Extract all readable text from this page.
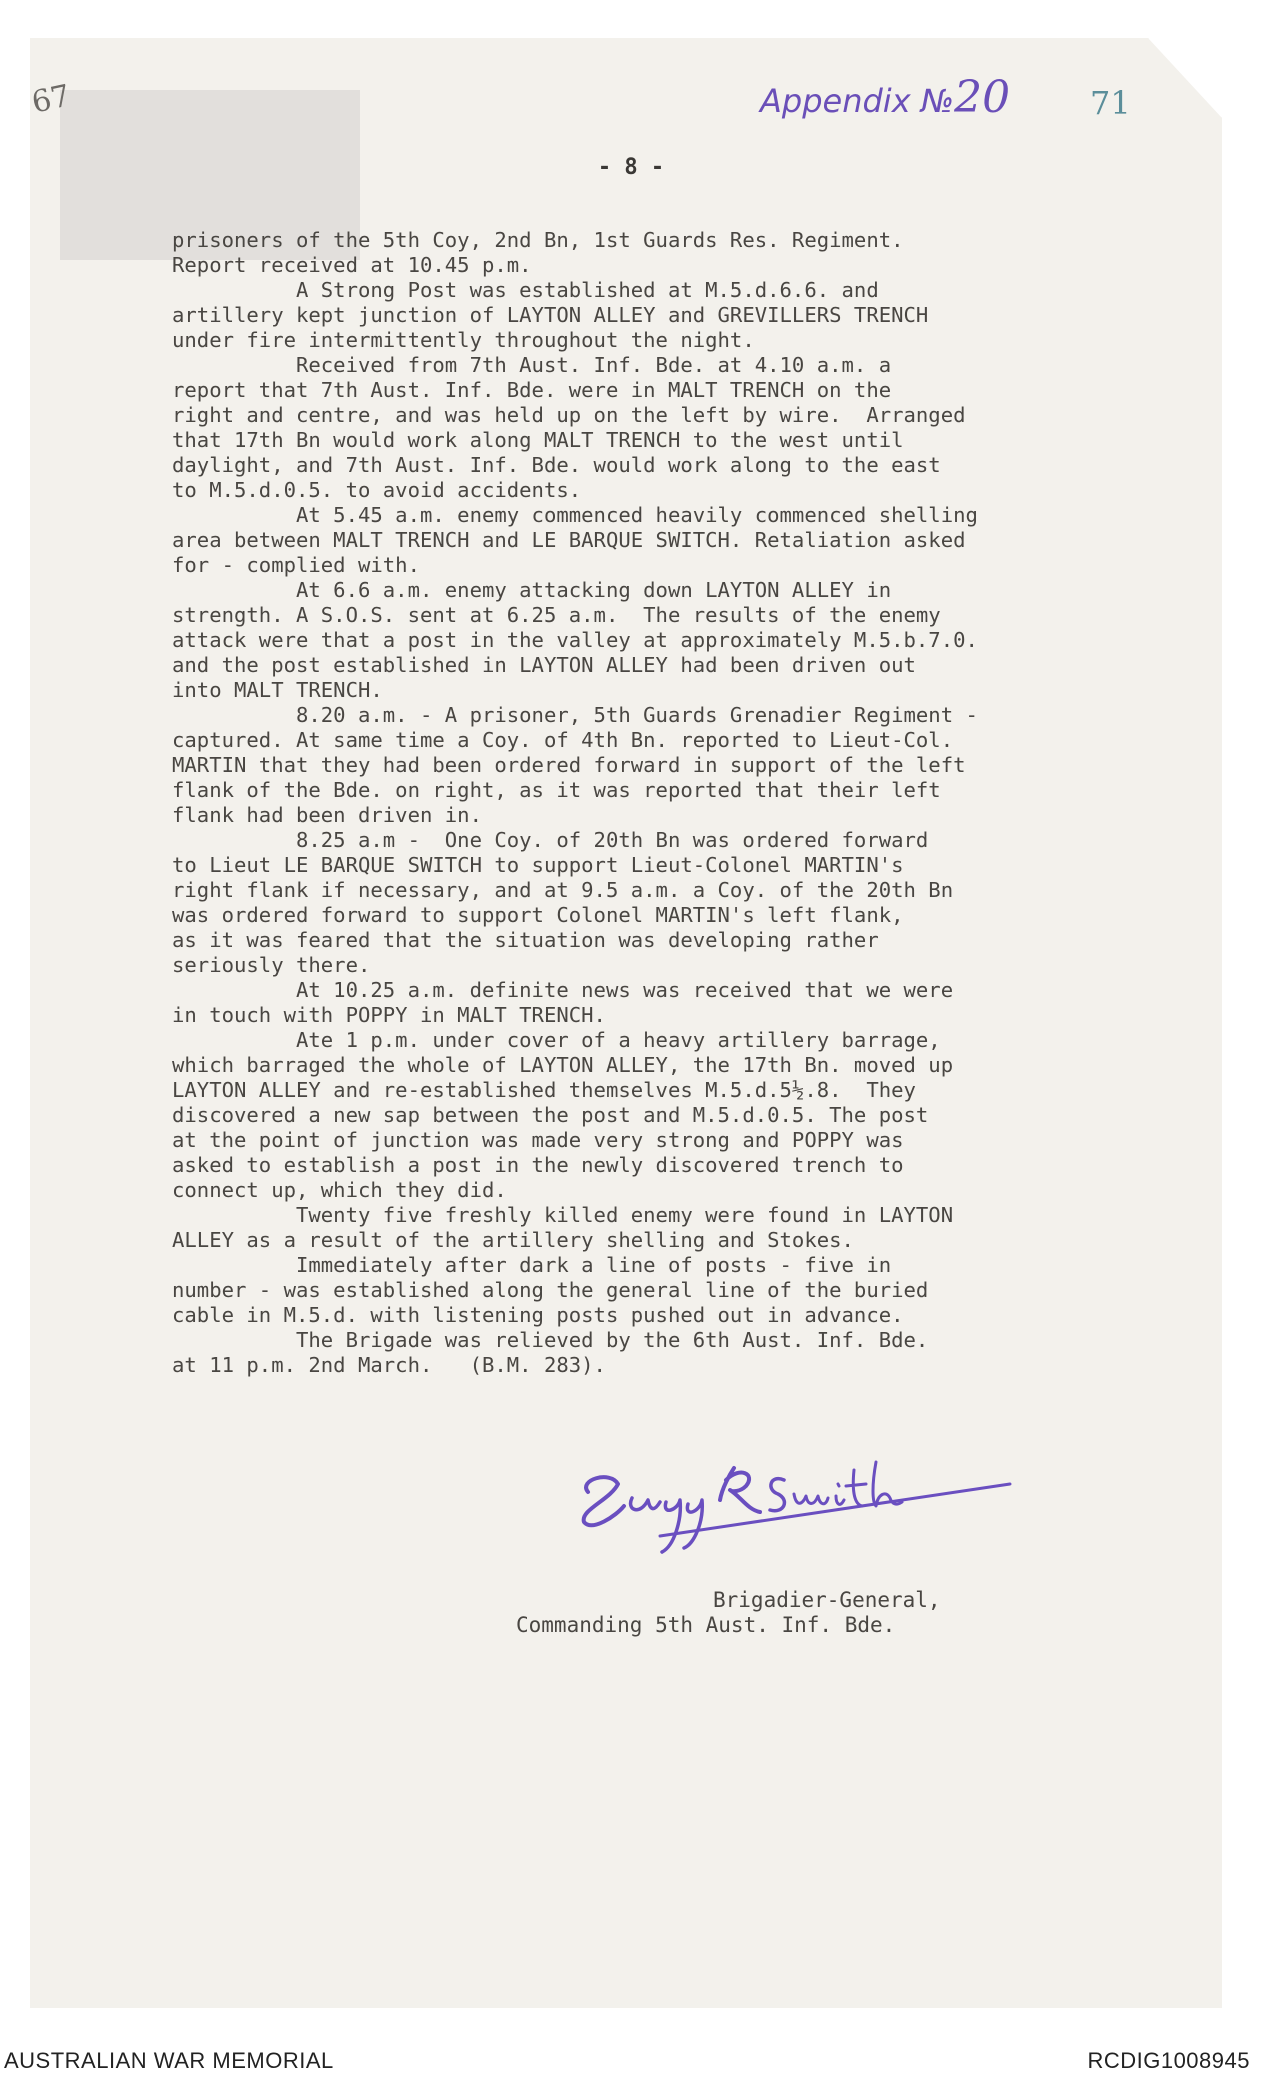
67	Appendix №20 71
- 8 -
prisoners of the 5th Coy, 2nd Bn, 1st Guards Res. Regiment.
Report received at 10.45 p.m.
A Strong Post was established at M.5.d.6.6. and
artillery kept junction of LAYTON ALLEY and GREVILLERS TRENCH
under fire intermittently throughout the night.
Received from 7th Aust. Inf. Bde. at 4.10 a.m. a
report that 7th Aust. Inf. Bde. were in MALT TRENCH on the
right and centre, and was held up on the left by wire.  Arranged
that 17th Bn would work along MALT TRENCH to the west until
daylight, and 7th Aust. Inf. Bde. would work along to the east
to M.5.d.0.5. to avoid accidents.
At 5.45 a.m. enemy commenced heavily commenced shelling
area between MALT TRENCH and LE BARQUE SWITCH. Retaliation asked
for - complied with.
At 6.6 a.m. enemy attacking down LAYTON ALLEY in
strength. A S.O.S. sent at 6.25 a.m.  The results of the enemy
attack were that a post in the valley at approximately M.5.b.7.0.
and the post established in LAYTON ALLEY had been driven out
into MALT TRENCH.
8.20 a.m. - A prisoner, 5th Guards Grenadier Regiment -
captured. At same time a Coy. of 4th Bn. reported to Lieut-Col.
MARTIN that they had been ordered forward in support of the left
flank of the Bde. on right, as it was reported that their left
flank had been driven in.
8.25 a.m -  One Coy. of 20th Bn was ordered forward
to Lieut LE BARQUE SWITCH to support Lieut-Colonel MARTIN's
right flank if necessary, and at 9.5 a.m. a Coy. of the 20th Bn
was ordered forward to support Colonel MARTIN's left flank,
as it was feared that the situation was developing rather
seriously there.
At 10.25 a.m. definite news was received that we were
in touch with POPPY in MALT TRENCH.
Ate 1 p.m. under cover of a heavy artillery barrage,
which barraged the whole of LAYTON ALLEY, the 17th Bn. moved up
LAYTON ALLEY and re-established themselves M.5.d.5½.8.  They
discovered a new sap between the post and M.5.d.0.5. The post
at the point of junction was made very strong and POPPY was
asked to establish a post in the newly discovered trench to
connect up, which they did.
Twenty five freshly killed enemy were found in LAYTON
ALLEY as a result of the artillery shelling and Stokes.
Immediately after dark a line of posts - five in
number - was established along the general line of the buried
cable in M.5.d. with listening posts pushed out in advance.
The Brigade was relieved by the 6th Aust. Inf. Bde.
at 11 p.m. 2nd March.   (B.M. 283).

Brigadier-General,

Commanding 5th Aust. Inf. Bde.

AUSTRALIAN WAR MEMORIAL	RCDIG1008945
